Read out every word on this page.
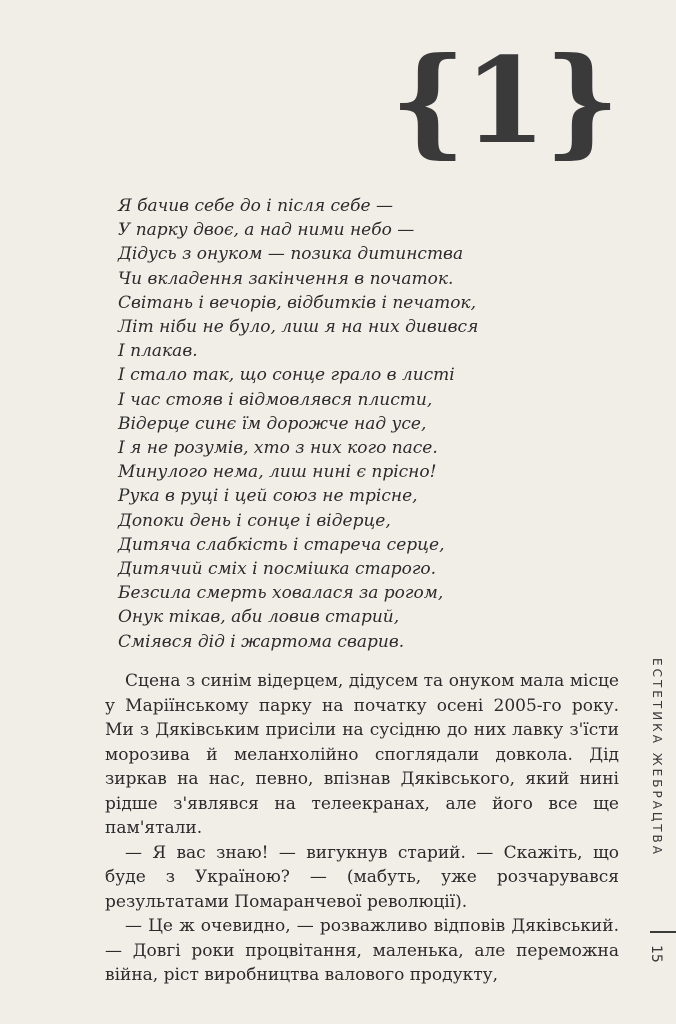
{1}
Я бачив себе до і після себе —
У парку двоє, а над ними небо —
Дідусь з онуком — позика дитинства
Чи вкладення закінчення в початок.
Світань і вечорів, відбитків і печаток,
Літ ніби не було, лиш я на них дивився
І плакав.
І стало так, що сонце грало в листі
І час стояв і відмовлявся плисти,
Відерце синє їм дорожче над усе,
І я не розумів, хто з них кого пасе.
Минулого нема, лиш нині є прісно!
Рука в руці і цей союз не трісне,
Допоки день і сонце і відерце,
Дитяча слабкість і стареча серце,
Дитячий сміх і посмішка старого.
Безсила смерть ховалася за рогом,
Онук тікав, аби ловив старий,
Сміявся дід і жартома сварив.

Сцена з синім відерцем, дідусем та онуком мала місце у Маріїнському парку на початку осені 2005-го року. Ми з Дяківським присіли на сусідню до них лавку з'їсти морозива й меланхолійно споглядали довкола. Дід зиркав на нас, певно, впізнав Дяківського, який нині рідше з'являвся на телеекранах, але його все ще пам'ятали.

— Я вас знаю! — вигукнув старий. — Скажіть, що буде з Україною? — (мабуть, уже розчарувався результатами Помаранчевої революції).

— Це ж очевидно, — розважливо відповів Дяківський. — Довгі роки процвітання, маленька, але переможна війна, ріст виробництва валового продукту,

ЕСТЕТИКА ЖЕБРАЦТВА
15
